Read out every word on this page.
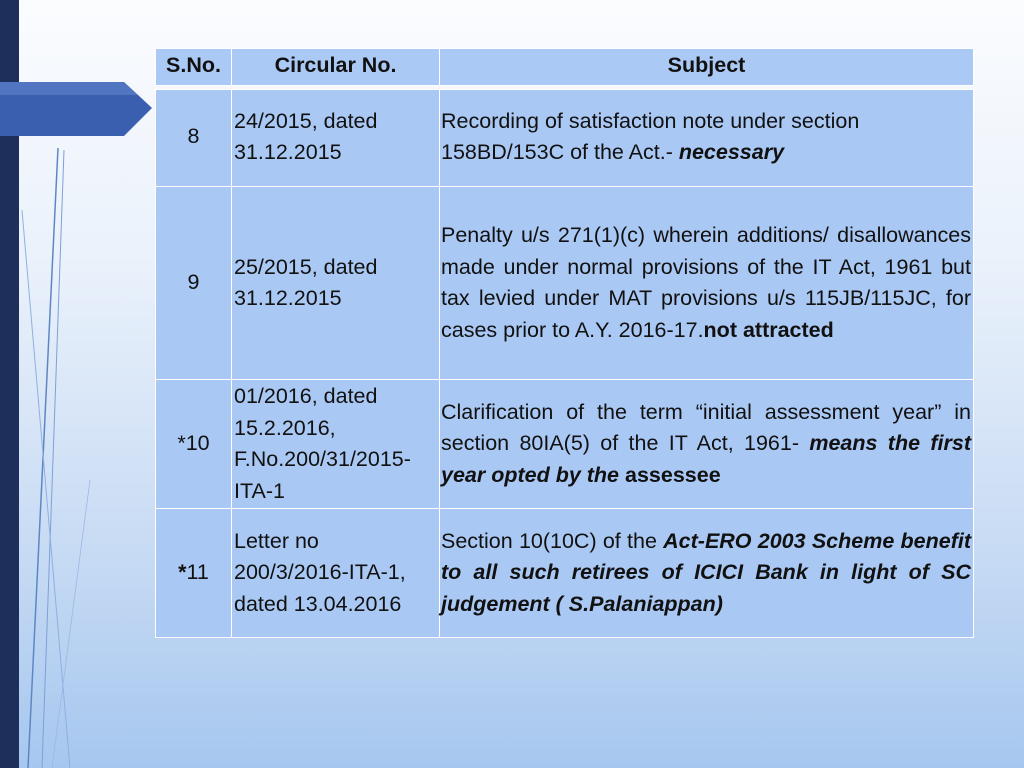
S.No.	Circular No.	Subject

8	24/2015, dated
31.12.2015	Recording of satisfaction note under section 158BD/153C of the Act.- necessary
9	25/2015, dated
31.12.2015	Penalty u/s 271(1)(c) wherein additions/ disallowances made under normal provisions of the IT Act, 1961 but tax levied under MAT provisions u/s 115JB/115JC, for cases prior to A.Y. 2016-17.not attracted
*10	01/2016, dated
15.2.2016,
F.No.200/31/2015-
ITA-1	Clarification of the term “initial assessment year” in section 80IA(5) of the IT Act, 1961- means the first year opted by the assessee
*11	Letter no
200/3/2016-ITA-1,
dated 13.04.2016	Section 10(10C) of the Act-ERO 2003 Scheme benefit to all such retirees of ICICI Bank in light of SC judgement ( S.Palaniappan)
